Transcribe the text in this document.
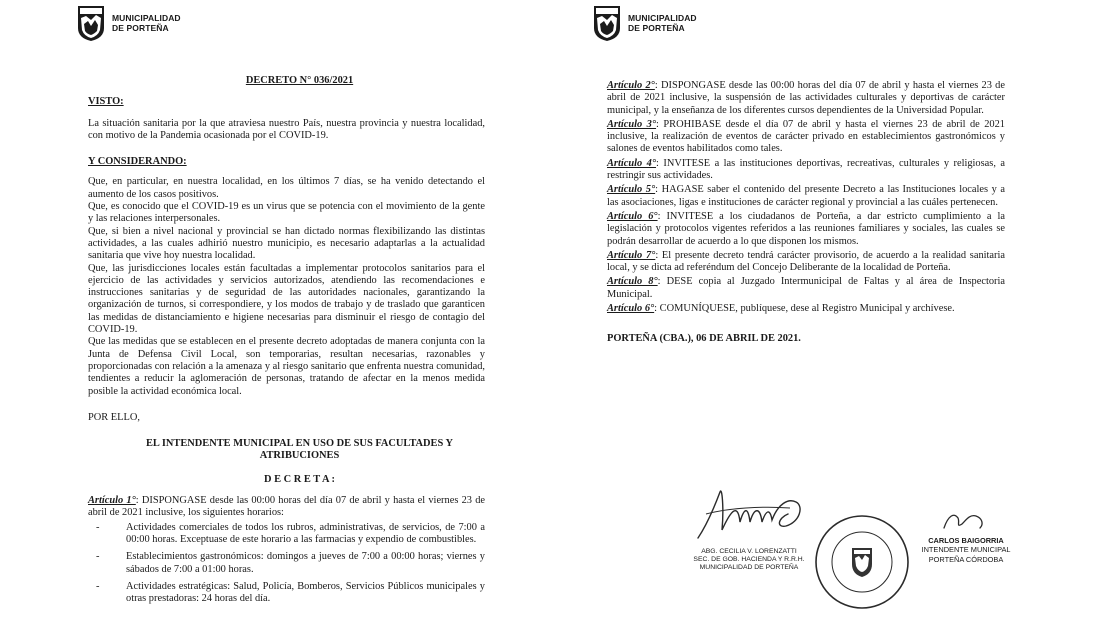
MUNICIPALIDAD
DE PORTEÑA

DECRETO N° 036/2021

VISTO:

La situación sanitaria por la que atraviesa nuestro País, nuestra provincia y nuestra localidad, con motivo de la Pandemia ocasionada por el COVID-19.

Y CONSIDERANDO:

Que, en particular, en nuestra localidad, en los últimos 7 días, se ha venido detectando el aumento de los casos positivos.

Que, es conocido que el COVID-19 es un virus que se potencia con el movimiento de la gente y las relaciones interpersonales.

Que, si bien a nivel nacional y provincial se han dictado normas flexibilizando las distintas actividades, a las cuales adhirió nuestro municipio, es necesario adaptarlas a la actualidad sanitaria que vive hoy nuestra localidad.

Que, las jurisdicciones locales están facultadas a implementar protocolos sanitarios para el ejercicio de las actividades y servicios autorizados, atendiendo las recomendaciones e instrucciones sanitarias y de seguridad de las autoridades nacionales, garantizando la organización de turnos, si correspondiere, y los modos de trabajo y de traslado que garanticen las medidas de distanciamiento e higiene necesarias para disminuir el riesgo de contagio del COVID-19.

Que las medidas que se establecen en el presente decreto adoptadas de manera conjunta con la Junta de Defensa Civil Local, son temporarias, resultan necesarias, razonables y proporcionadas con relación a la amenaza y al riesgo sanitario que enfrenta nuestra comunidad, tendientes a reducir la aglomeración de personas, tratando de afectar en la menos medida posible la actividad económica local.

POR ELLO,

EL INTENDENTE MUNICIPAL EN USO DE SUS FACULTADES Y

ATRIBUCIONES

D E C R E T A :

Artículo 1°: DISPONGASE desde las 00:00 horas del día 07 de abril y hasta el viernes 23 de abril de 2021 inclusive, los siguientes horarios:

- Actividades comerciales de todos los rubros, administrativas, de servicios, de 7:00 a 00:00 horas. Exceptuase de este horario a las farmacias y expendio de combustibles.
- Establecimientos gastronómicos: domingos a jueves de 7:00 a 00:00 horas; viernes y sábados de 7:00 a 01:00 horas.
- Actividades estratégicas: Salud, Policía, Bomberos, Servicios Públicos municipales y otras prestadoras: 24 horas del día.
MUNICIPALIDAD
DE PORTEÑA

Artículo 2°: DISPONGASE desde las 00:00 horas del día 07 de abril y hasta el viernes 23 de abril de 2021 inclusive, la suspensión de las actividades culturales y deportivas de carácter municipal, y la enseñanza de los diferentes cursos dependientes de la Universidad Popular.

Artículo 3°: PROHIBASE desde el día 07 de abril y hasta el viernes 23 de abril de 2021 inclusive, la realización de eventos de carácter privado en establecimientos gastronómicos y salones de eventos habilitados como tales.

Artículo 4°: INVITESE a las instituciones deportivas, recreativas, culturales y religiosas, a restringir sus actividades.

Artículo 5°: HAGASE saber el contenido del presente Decreto a las Instituciones locales y a las asociaciones, ligas e instituciones de carácter regional y provincial a las cuáles pertenecen.

Artículo 6°: INVITESE a los ciudadanos de Porteña, a dar estricto cumplimiento a la legislación y protocolos vigentes referidos a las reuniones familiares y sociales, las cuales se podrán desarrollar de acuerdo a lo que disponen los mismos.

Artículo 7°: El presente decreto tendrá carácter provisorio, de acuerdo a la realidad sanitaria local, y se dicta ad referéndum del Concejo Deliberante de la localidad de Porteña.

Artículo 8°: DESE copia al Juzgado Intermunicipal de Faltas y al área de Inspectoria Municipal.

Artículo 6°: COMUNÍQUESE, publíquese, dese al Registro Municipal y archívese.

PORTEÑA (CBA.), 06 DE ABRIL DE 2021.

ABG. CECILIA V. LORENZATTI
SEC. DE GOB. HACIENDA Y R.R.H.
MUNICIPALIDAD DE PORTEÑA
CARLOS BAIGORRIA
INTENDENTE MUNICIPAL
PORTEÑA CÓRDOBA
